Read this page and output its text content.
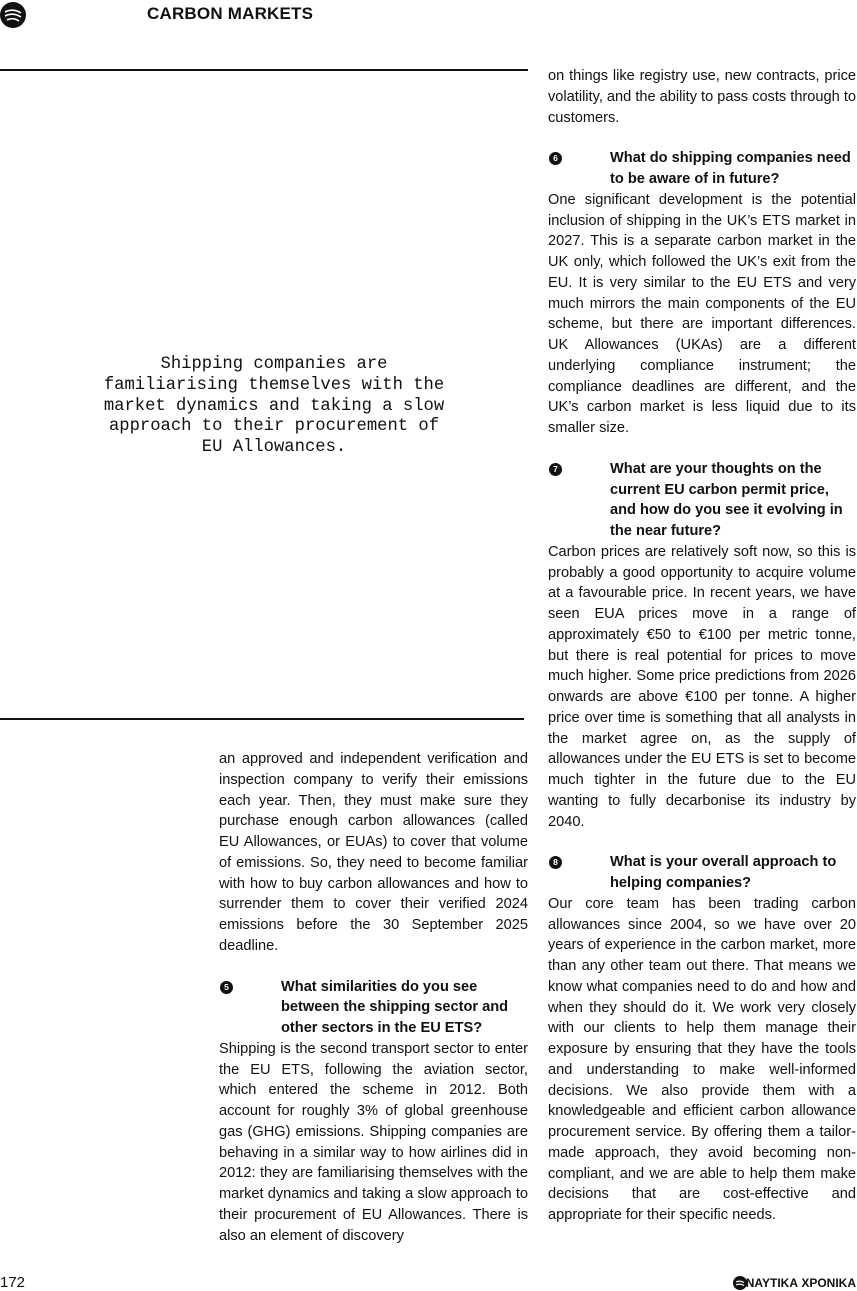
CARBON MARKETS
Shipping companies are familiarising themselves with the market dynamics and taking a slow approach to their procurement of EU Allowances.

an approved and independent verification and inspection company to verify their emissions each year. Then, they must make sure they purchase enough carbon allowances (called EU Allowances, or EUAs) to cover that volume of emissions. So, they need to become familiar with how to buy carbon allowances and how to surrender them to cover their verified 2024 emissions before the 30 September 2025 deadline.

5	What similarities do you see between the shipping sector and other sectors in the EU ETS?

Shipping is the second transport sector to enter the EU ETS, following the aviation sector, which entered the scheme in 2012. Both account for roughly 3% of global greenhouse gas (GHG) emissions. Shipping companies are behaving in a similar way to how airlines did in 2012: they are familiarising themselves with the market dynamics and taking a slow approach to their procurement of EU Allowances. There is also an element of discovery

on things like registry use, new contracts, price volatility, and the ability to pass costs through to customers.

6	What do shipping companies need to be aware of in future?

One significant development is the potential inclusion of shipping in the UK’s ETS market in 2027. This is a separate carbon market in the UK only, which followed the UK’s exit from the EU. It is very similar to the EU ETS and very much mirrors the main components of the EU scheme, but there are important differences. UK Allowances (UKAs) are a different underlying compliance instrument; the compliance deadlines are different, and the UK’s carbon market is less liquid due to its smaller size.

7	What are your thoughts on the current EU carbon permit price, and how do you see it evolving in the near future?

Carbon prices are relatively soft now, so this is probably a good opportunity to acquire volume at a favourable price. In recent years, we have seen EUA prices move in a range of approximately €50 to €100 per metric tonne, but there is real potential for prices to move much higher. Some price predictions from 2026 onwards are above €100 per tonne. A higher price over time is something that all analysts in the market agree on, as the supply of allowances under the EU ETS is set to become much tighter in the future due to the EU wanting to fully decarbonise its industry by 2040.

8	What is your overall approach to helping companies?

Our core team has been trading carbon allowances since 2004, so we have over 20 years of experience in the carbon market, more than any other team out there. That means we know what companies need to do and how and when they should do it. We work very closely with our clients to help them manage their exposure by ensuring that they have the tools and understanding to make well-informed decisions. We also provide them with a knowledgeable and efficient carbon allowance procurement service. By offering them a tailor-made approach, they avoid becoming non-compliant, and we are able to help them make decisions that are cost-effective and appropriate for their specific needs.

172	ΝΑΥΤΙΚΑ ΧΡΟΝΙΚΑ
